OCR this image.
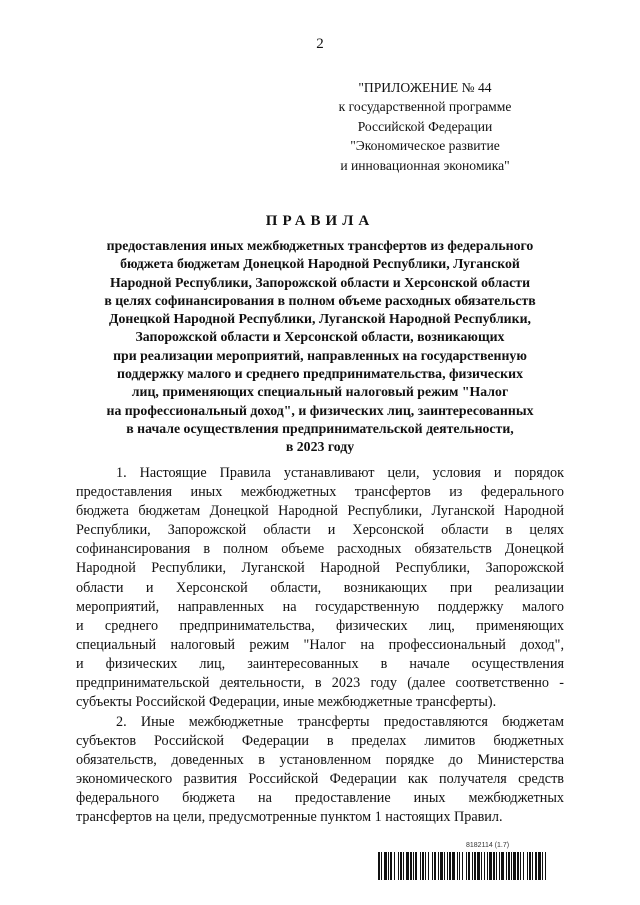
2
"ПРИЛОЖЕНИЕ № 44
к государственной программе
Российской Федерации
"Экономическое развитие
и инновационная экономика"
ПРАВИЛА
предоставления иных межбюджетных трансфертов из федерального
бюджета бюджетам Донецкой Народной Республики, Луганской
Народной Республики, Запорожской области и Херсонской области
в целях софинансирования в полном объеме расходных обязательств
Донецкой Народной Республики, Луганской Народной Республики,
Запорожской области и Херсонской области, возникающих
при реализации мероприятий, направленных на государственную
поддержку малого и среднего предпринимательства, физических
лиц, применяющих специальный налоговый режим "Налог
на профессиональный доход", и физических лиц, заинтересованных
в начале осуществления предпринимательской деятельности,
в 2023 году
1. Настоящие Правила устанавливают цели, условия и порядок
предоставления иных межбюджетных трансфертов из федерального
бюджета бюджетам Донецкой Народной Республики, Луганской Народной
Республики, Запорожской области и Херсонской области в целях
софинансирования в полном объеме расходных обязательств Донецкой
Народной Республики, Луганской Народной Республики, Запорожской
области и Херсонской области, возникающих при реализации
мероприятий, направленных на государственную поддержку малого
и среднего предпринимательства, физических лиц, применяющих
специальный налоговый режим "Налог на профессиональный доход",
и физических лиц, заинтересованных в начале осуществления
предпринимательской деятельности, в 2023 году (далее соответственно -
субъекты Российской Федерации, иные межбюджетные трансферты).
2. Иные межбюджетные трансферты предоставляются бюджетам
субъектов Российской Федерации в пределах лимитов бюджетных
обязательств, доведенных в установленном порядке до Министерства
экономического развития Российской Федерации как получателя средств
федерального бюджета на предоставление иных межбюджетных
трансфертов на цели, предусмотренные пунктом 1 настоящих Правил.
8182114 (1.7)
